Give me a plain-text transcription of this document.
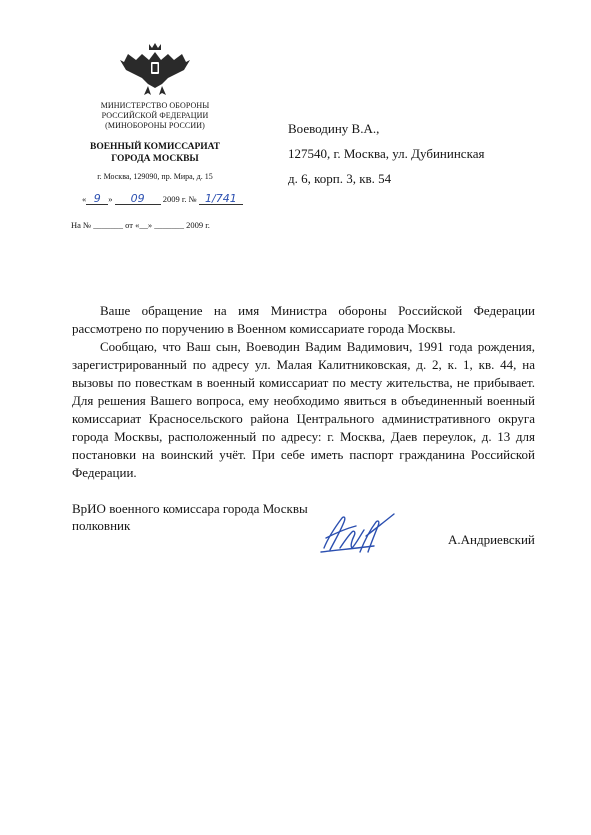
МИНИСТЕРСТВО ОБОРОНЫ
РОССИЙСКОЙ ФЕДЕРАЦИИ
(МИНОБОРОНЫ РОССИИ)
ВОЕННЫЙ КОМИССАРИАТ
ГОРОДА МОСКВЫ
г. Москва, 129090, пр. Мира, д. 15
« 9 » 09 2009 г. № 1/741
На № _______ от «__» _______ 2009 г.
Воеводину В.А.,
127540, г. Москва, ул. Дубининская
д. 6, корп. 3, кв. 54

Ваше обращение на имя Министра обороны Российской Федерации рассмотрено по поручению в Военном комиссариате города Москвы.

Сообщаю, что Ваш сын, Воеводин Вадим Вадимович, 1991 года рождения, зарегистрированный по адресу ул. Малая Калитниковская, д. 2, к. 1, кв. 44, на вызовы по повесткам в военный комиссариат по месту жительства, не прибывает. Для решения Вашего вопроса, ему необходимо явиться в объединенный военный комиссариат Красносельского района Центрального административного округа города Москвы, расположенный по адресу: г. Москва, Даев переулок, д. 13 для постановки на воинский учёт. При себе иметь паспорт гражданина Российской Федерации.

ВрИО военного комиссара города Москвы
полковник
А.Андриевский
